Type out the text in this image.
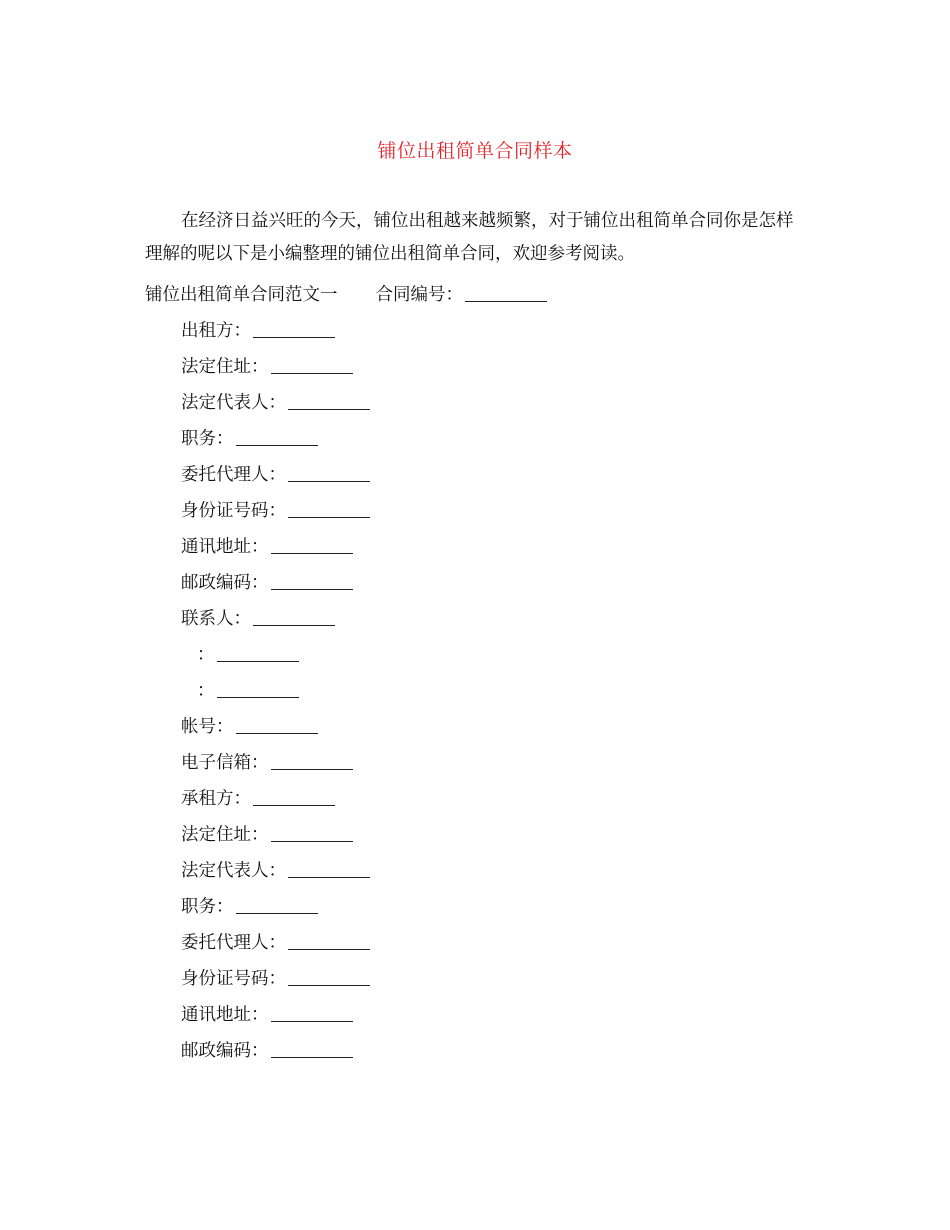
铺位出租简单合同样本

在经济日益兴旺的今天，铺位出租越来越频繁，对于铺位出租简单合同你是怎样理解的呢以下是小编整理的铺位出租简单合同，欢迎参考阅读。

铺位出租简单合同范文一 合同编号：
出租方：
法定住址：
法定代表人：
职务：
委托代理人：
身份证号码：
通讯地址：
邮政编码：
联系人：
：
：
帐号：
电子信箱：
承租方：
法定住址：
法定代表人：
职务：
委托代理人：
身份证号码：
通讯地址：
邮政编码：
